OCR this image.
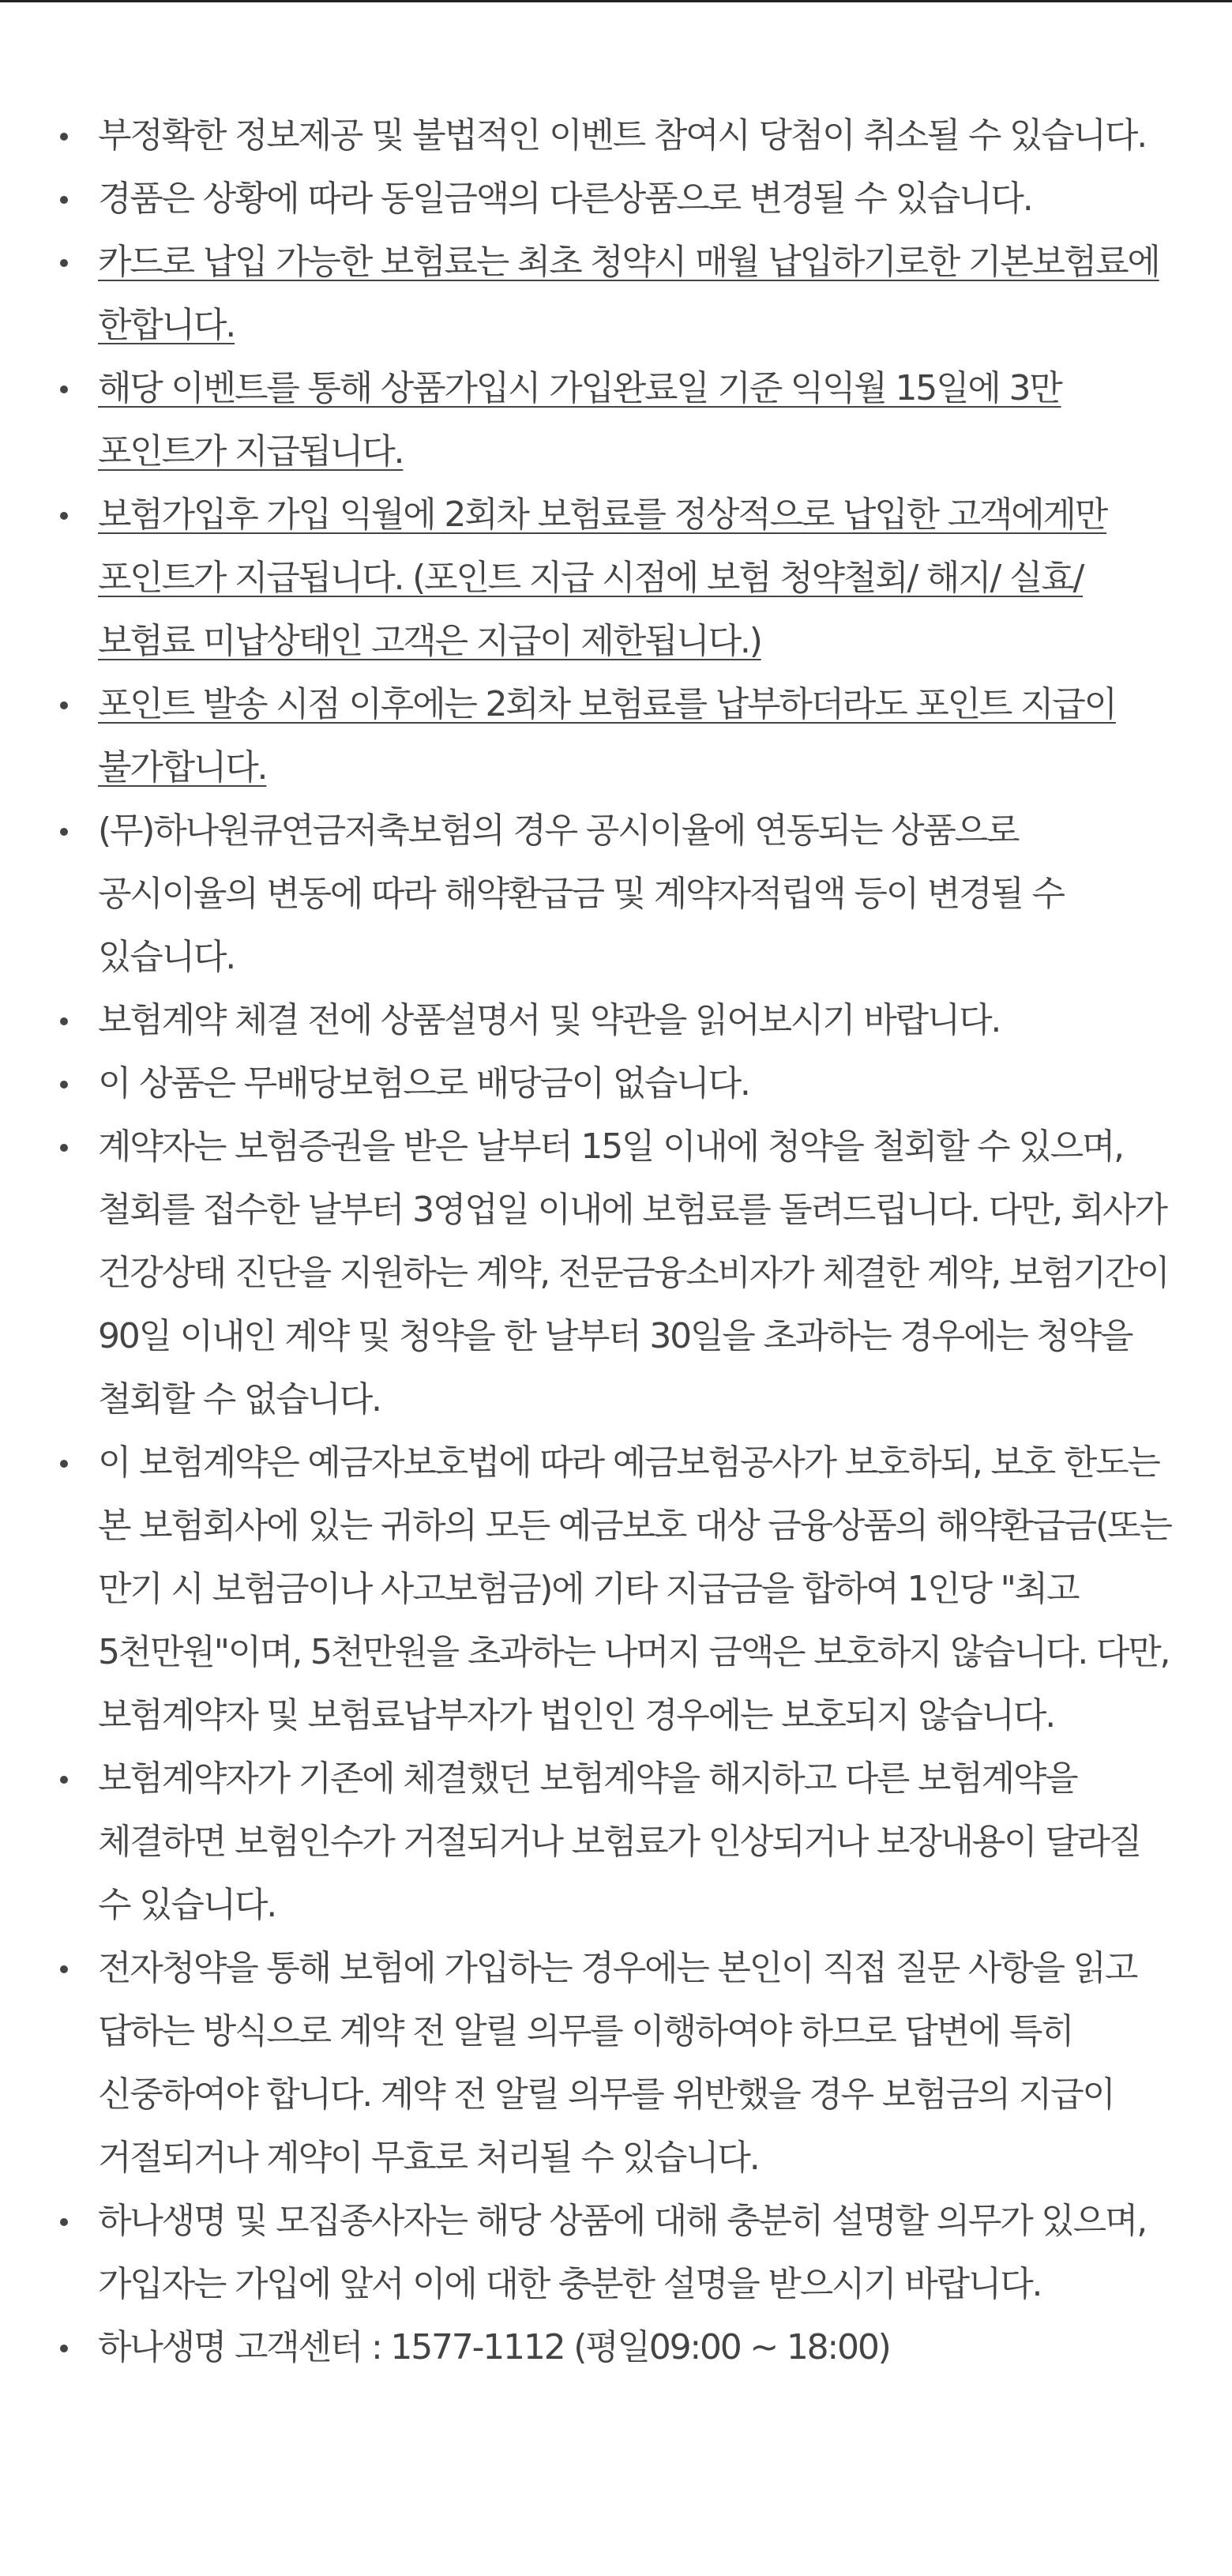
부정확한 정보제공 및 불법적인 이벤트 참여시 당첨이 취소될 수 있습니다.
경품은 상황에 따라 동일금액의 다른상품으로 변경될 수 있습니다.
카드로 납입 가능한 보험료는 최초 청약시 매월 납입하기로한 기본보험료에 한합니다.
해당 이벤트를 통해 상품가입시 가입완료일 기준 익익월 15일에 3만 포인트가 지급됩니다.
보험가입후 가입 익월에 2회차 보험료를 정상적으로 납입한 고객에게만 포인트가 지급됩니다. (포인트 지급 시점에 보험 청약철회/ 해지/ 실효/ 보험료 미납상태인 고객은 지급이 제한됩니다.)
포인트 발송 시점 이후에는 2회차 보험료를 납부하더라도 포인트 지급이 불가합니다.
(무)하나원큐연금저축보험의 경우 공시이율에 연동되는 상품으로 공시이율의 변동에 따라 해약환급금 및 계약자적립액 등이 변경될 수 있습니다.
보험계약 체결 전에 상품설명서 및 약관을 읽어보시기 바랍니다.
이 상품은 무배당보험으로 배당금이 없습니다.
계약자는 보험증권을 받은 날부터 15일 이내에 청약을 철회할 수 있으며, 철회를 접수한 날부터 3영업일 이내에 보험료를 돌려드립니다. 다만, 회사가 건강상태 진단을 지원하는 계약, 전문금융소비자가 체결한 계약, 보험기간이 90일 이내인 계약 및 청약을 한 날부터 30일을 초과하는 경우에는 청약을 철회할 수 없습니다.
이 보험계약은 예금자보호법에 따라 예금보험공사가 보호하되, 보호 한도는 본 보험회사에 있는 귀하의 모든 예금보호 대상 금융상품의 해약환급금(또는 만기 시 보험금이나 사고보험금)에 기타 지급금을 합하여 1인당 "최고 5천만원"이며, 5천만원을 초과하는 나머지 금액은 보호하지 않습니다. 다만, 보험계약자 및 보험료납부자가 법인인 경우에는 보호되지 않습니다.
보험계약자가 기존에 체결했던 보험계약을 해지하고 다른 보험계약을 체결하면 보험인수가 거절되거나 보험료가 인상되거나 보장내용이 달라질 수 있습니다.
전자청약을 통해 보험에 가입하는 경우에는 본인이 직접 질문 사항을 읽고 답하는 방식으로 계약 전 알릴 의무를 이행하여야 하므로 답변에 특히 신중하여야 합니다. 계약 전 알릴 의무를 위반했을 경우 보험금의 지급이 거절되거나 계약이 무효로 처리될 수 있습니다.
하나생명 및 모집종사자는 해당 상품에 대해 충분히 설명할 의무가 있으며, 가입자는 가입에 앞서 이에 대한 충분한 설명을 받으시기 바랍니다.
하나생명 고객센터 : 1577-1112 (평일09:00 ~ 18:00)
